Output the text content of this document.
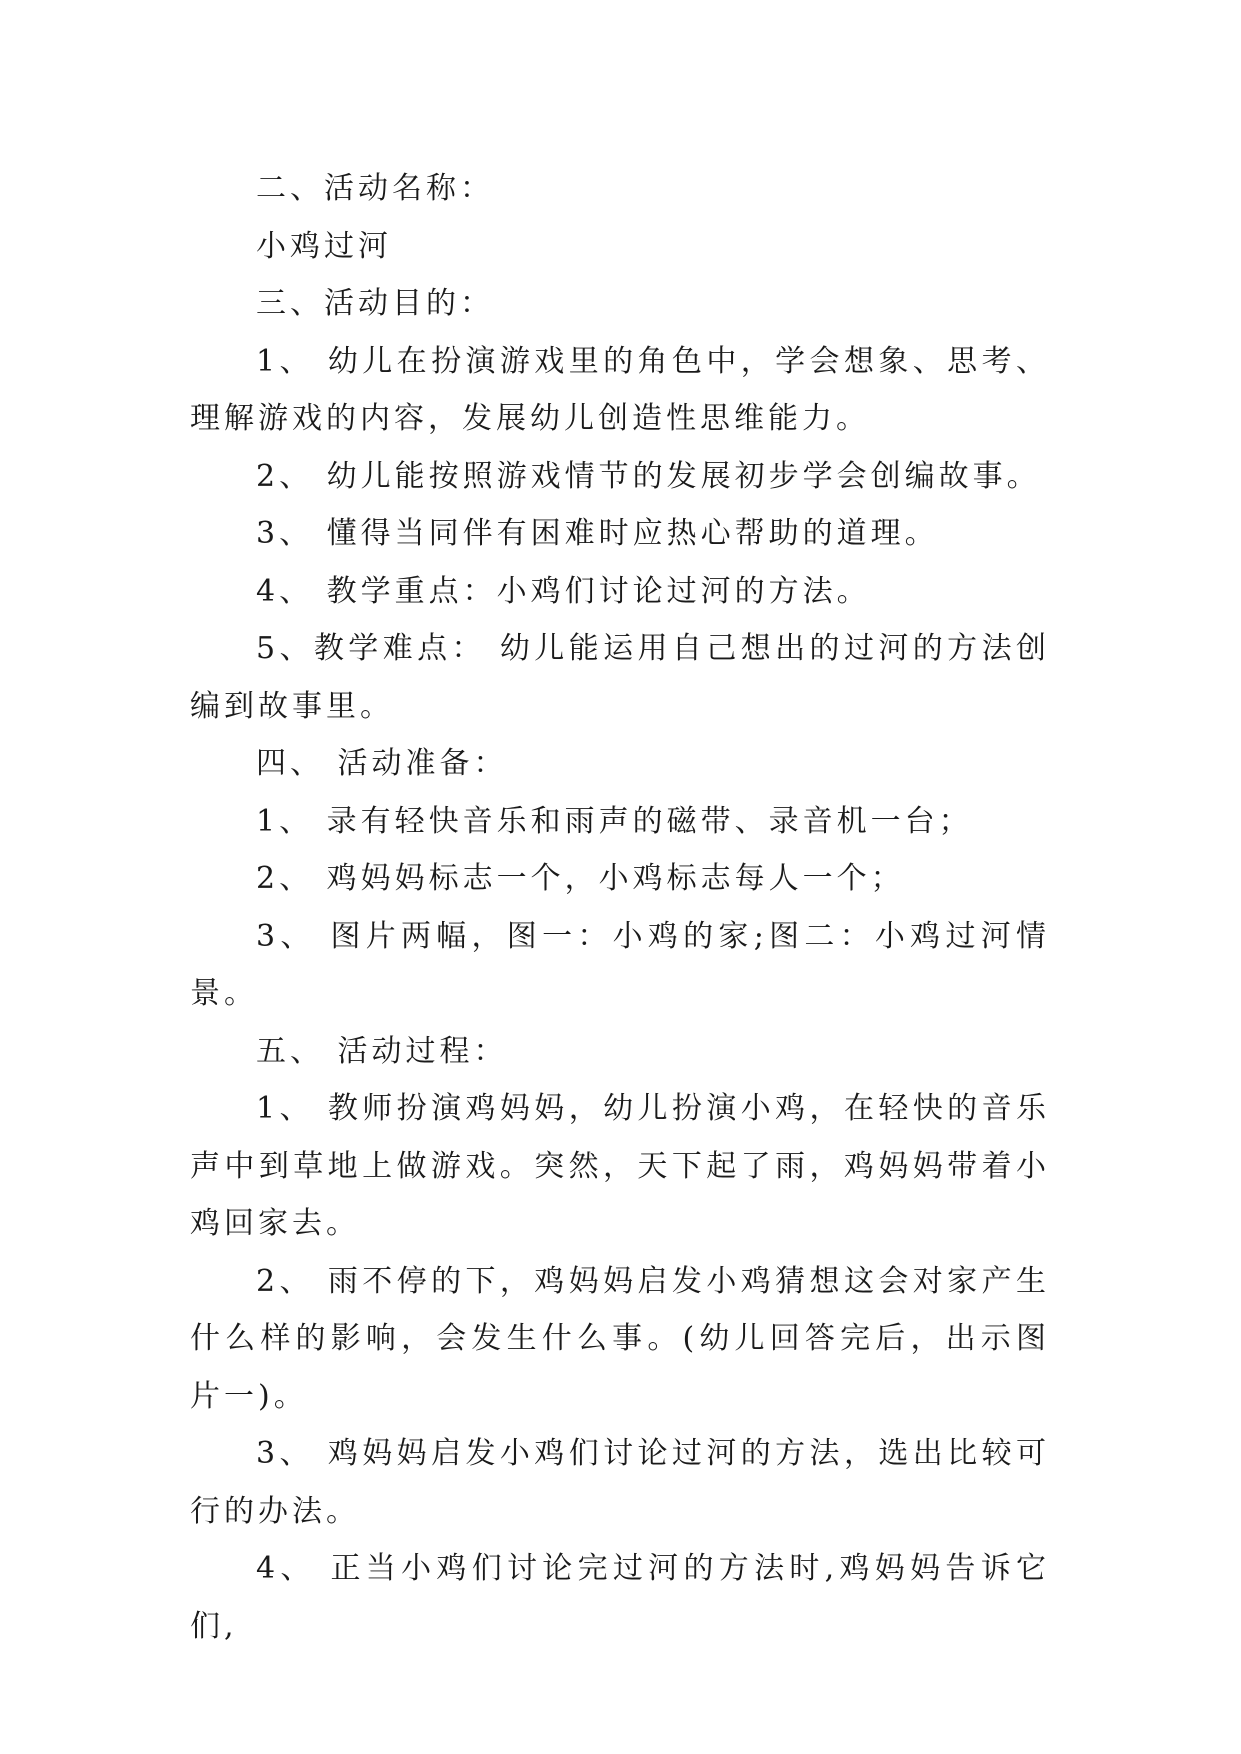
二、活动名称：

小鸡过河

三、活动目的：

1、 幼儿在扮演游戏里的角色中，学会想象、思考、理解游戏的内容，发展幼儿创造性思维能力。

2、 幼儿能按照游戏情节的发展初步学会创编故事。

3、 懂得当同伴有困难时应热心帮助的道理。

4、 教学重点：小鸡们讨论过河的方法。

5、教学难点： 幼儿能运用自己想出的过河的方法创编到故事里。

四、 活动准备：

1、 录有轻快音乐和雨声的磁带、录音机一台；

2、 鸡妈妈标志一个，小鸡标志每人一个；

3、 图片两幅，图一：小鸡的家;图二：小鸡过河情景。

五、 活动过程：

1、 教师扮演鸡妈妈，幼儿扮演小鸡，在轻快的音乐声中到草地上做游戏。突然，天下起了雨，鸡妈妈带着小鸡回家去。

2、 雨不停的下，鸡妈妈启发小鸡猜想这会对家产生什么样的影响，会发生什么事。(幼儿回答完后，出示图片一)。

3、 鸡妈妈启发小鸡们讨论过河的方法，选出比较可行的办法。

4、 正当小鸡们讨论完过河的方法时,鸡妈妈告诉它们,
